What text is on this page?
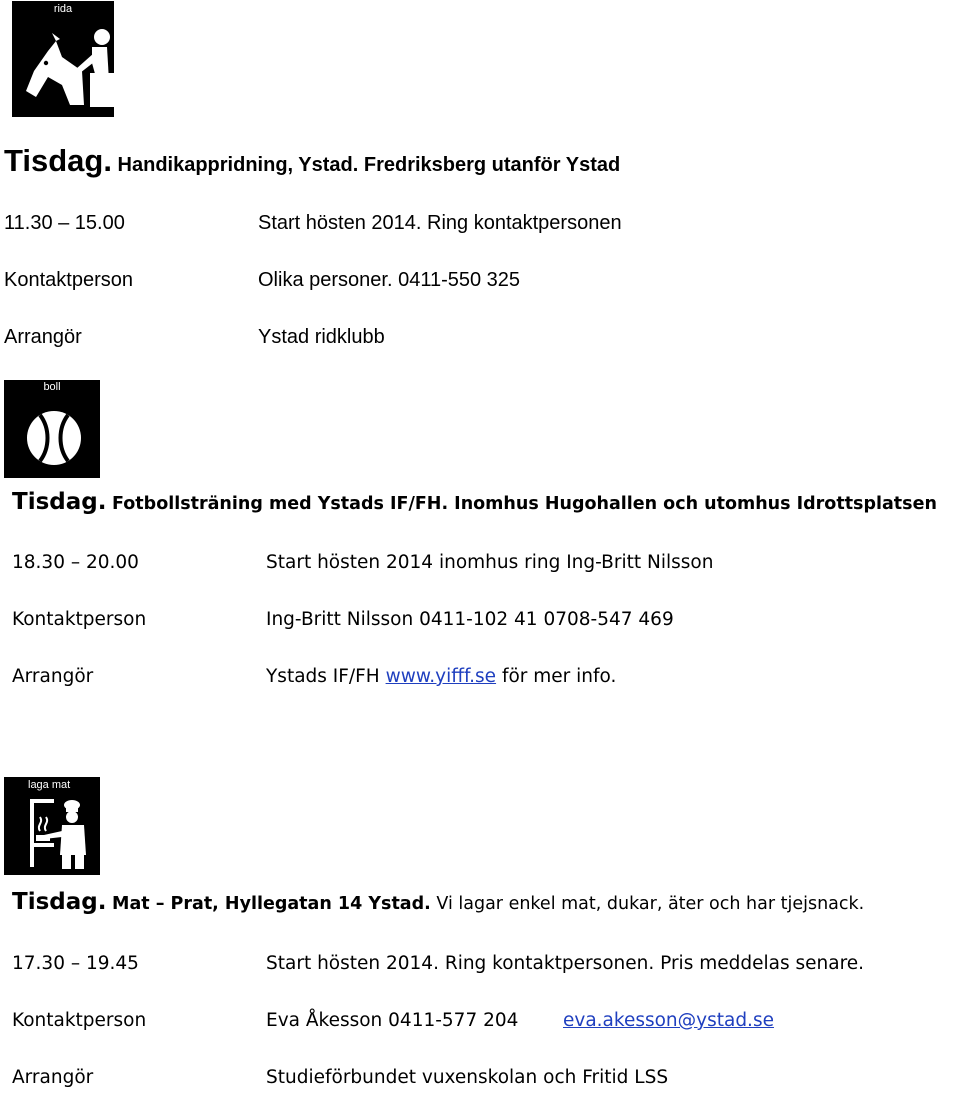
rida
Tisdag. Handikappridning, Ystad. Fredriksberg utanför Ystad
11.30 – 15.00	Start hösten 2014. Ring kontaktpersonen
Kontaktperson	Olika personer. 0411-550 325
Arrangör	Ystad ridklubb
boll
Tisdag. Fotbollsträning med Ystads IF/FH. Inomhus Hugohallen och utomhus Idrottsplatsen
18.30 – 20.00	Start hösten 2014 inomhus ring Ing-Britt Nilsson
Kontaktperson	Ing-Britt Nilsson 0411-102 41 0708-547 469
Arrangör	Ystads IF/FH www.yifff.se för mer info.
laga mat
Tisdag. Mat – Prat, Hyllegatan 14 Ystad. Vi lagar enkel mat, dukar, äter och har tjejsnack.
17.30 – 19.45	Start hösten 2014. Ring kontaktpersonen. Pris meddelas senare.
Kontaktperson	Eva Åkesson 0411-577 204 eva.akesson@ystad.se
Arrangör	Studieförbundet vuxenskolan och Fritid LSS
